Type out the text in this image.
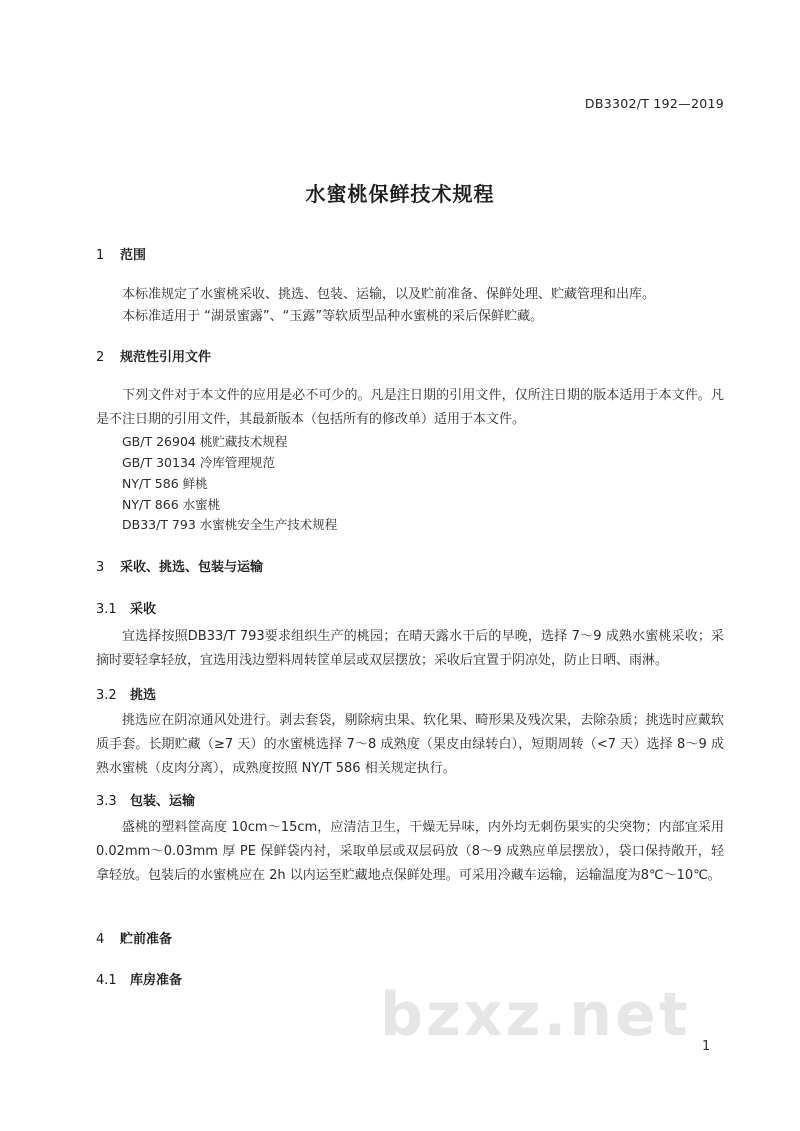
DB3302/T 192—2019
水蜜桃保鲜技术规程
1 范围
本标准规定了水蜜桃采收、挑选、包装、运输，以及贮前准备、保鲜处理、贮藏管理和出库。
本标准适用于 “湖景蜜露”、“玉露”等软质型品种水蜜桃的采后保鲜贮藏。
2 规范性引用文件
下列文件对于本文件的应用是必不可少的。凡是注日期的引用文件，仅所注日期的版本适用于本文件。凡是不注日期的引用文件，其最新版本（包括所有的修改单）适用于本文件。
GB/T 26904 桃贮藏技术规程
GB/T 30134 冷库管理规范
NY/T 586 鲜桃
NY/T 866 水蜜桃
DB33/T 793 水蜜桃安全生产技术规程
3 采收、挑选、包装与运输
3.1 采收
宜选择按照DB33/T 793要求组织生产的桃园；在晴天露水干后的早晚，选择 7～9 成熟水蜜桃采收；采摘时要轻拿轻放，宜选用浅边塑料周转筐单层或双层摆放；采收后宜置于阴凉处，防止日晒、雨淋。
3.2 挑选
挑选应在阴凉通风处进行。剥去套袋，剔除病虫果、软化果、畸形果及残次果，去除杂质；挑选时应戴软质手套。长期贮藏（≥7 天）的水蜜桃选择 7～8 成熟度（果皮由绿转白），短期周转（<7 天）选择 8～9 成熟水蜜桃（皮肉分离），成熟度按照 NY/T 586 相关规定执行。
3.3 包装、运输
盛桃的塑料筐高度 10cm～15cm，应清洁卫生，干燥无异味，内外均无刺伤果实的尖突物；内部宜采用 0.02mm～0.03mm 厚 PE 保鲜袋内衬，采取单层或双层码放（8～9 成熟应单层摆放），袋口保持敞开，轻拿轻放。包装后的水蜜桃应在 2h 以内运至贮藏地点保鲜处理。可采用冷藏车运输，运输温度为8℃～10℃。
4 贮前准备
4.1 库房准备	bzxz.net 1
